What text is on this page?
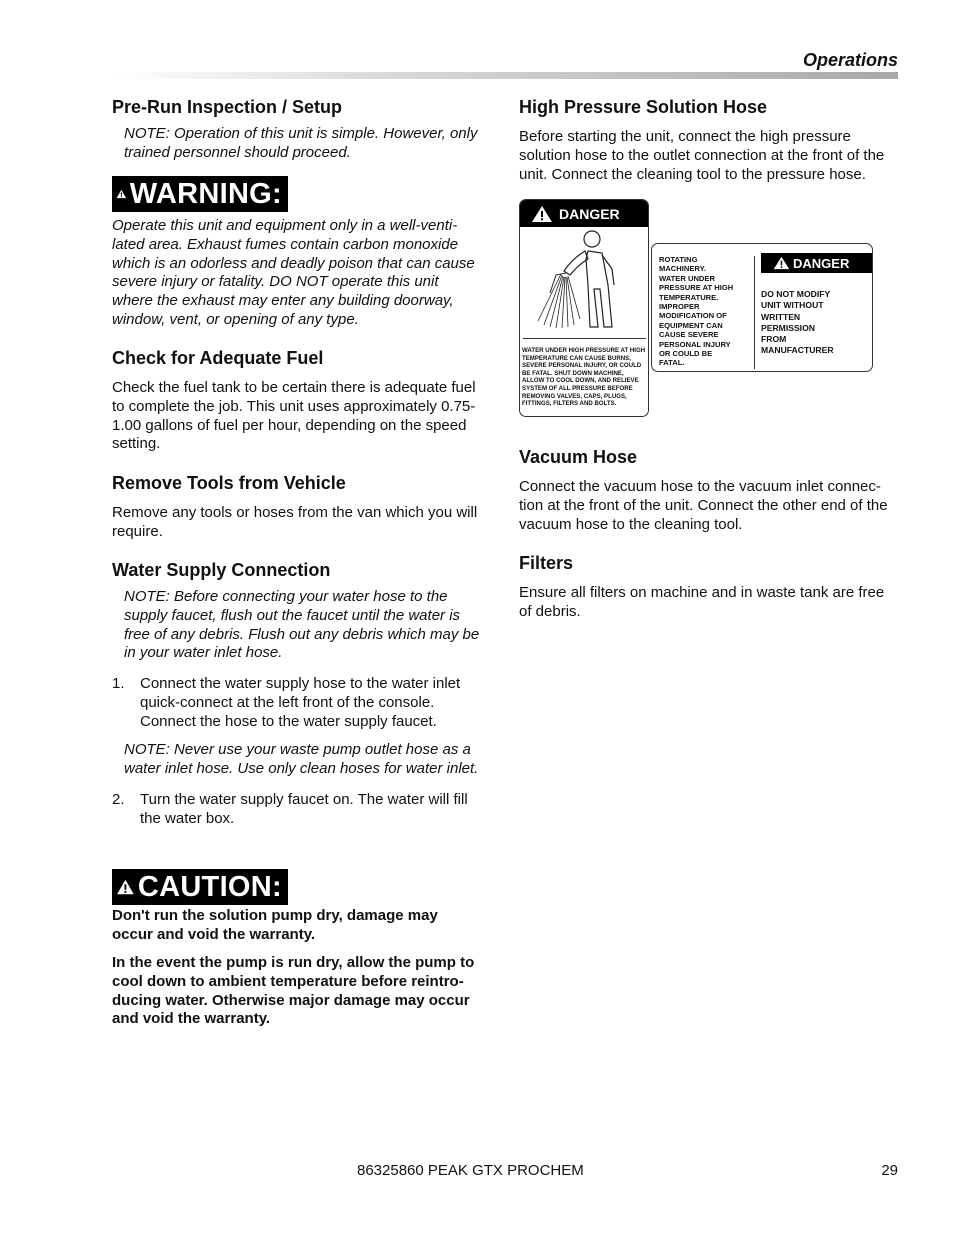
Operations
Pre-Run Inspection / Setup

NOTE: Operation of this unit is simple. However, only trained personnel should proceed.

WARNING:
Operate this unit and equipment only in a well-venti-
lated area. Exhaust fumes contain carbon monoxide
which is an odorless and deadly poison that can cause
severe injury or fatality. DO NOT operate this unit
where the exhaust may enter any building doorway,
window, vent, or opening of any type.
Check for Adequate Fuel
Check the fuel tank to be certain there is adequate fuel
to complete the job. This unit uses approximately 0.75-
1.00 gallons of fuel per hour, depending on the speed
setting.
Remove Tools from Vehicle
Remove any tools or hoses from the van which you will
require.
Water Supply Connection
NOTE: Before connecting your water hose to the
supply faucet, flush out the faucet until the water is
free of any debris. Flush out any debris which may be
in your water inlet hose.
1. Connect the water supply hose to the water inlet
quick-connect at the left front of the console.
Connect the hose to the water supply faucet.
NOTE: Never use your waste pump outlet hose as a
water inlet hose. Use only clean hoses for water inlet.
2. Turn the water supply faucet on. The water will fill
the water box.
CAUTION:
Don't run the solution pump dry, damage may
occur and void the warranty.
In the event the pump is run dry, allow the pump to
cool down to ambient temperature before reintro-
ducing water. Otherwise major damage may occur
and void the warranty.
High Pressure Solution Hose
Before starting the unit, connect the high pressure
solution hose to the outlet connection at the front of the
unit. Connect the cleaning tool to the pressure hose.
DANGER
WATER UNDER HIGH PRESSURE AT HIGH
TEMPERATURE CAN CAUSE BURNS,
SEVERE PERSONAL INJURY, OR COULD
BE FATAL. SHUT DOWN MACHINE,
ALLOW TO COOL DOWN, AND RELIEVE
SYSTEM OF ALL PRESSURE BEFORE
REMOVING VALVES, CAPS, PLUGS,
FITTINGS, FILTERS AND BOLTS.
ROTATING
MACHINERY.
WATER UNDER
PRESSURE AT HIGH
TEMPERATURE.
IMPROPER
MODIFICATION OF
EQUIPMENT CAN
CAUSE SEVERE
PERSONAL INJURY
OR COULD BE
FATAL.
DANGER
DO NOT MODIFY
UNIT WITHOUT
WRITTEN
PERMISSION
FROM
MANUFACTURER
Vacuum Hose
Connect the vacuum hose to the vacuum inlet connec-
tion at the front of the unit. Connect the other end of the
vacuum hose to the cleaning tool.
Filters
Ensure all filters on machine and in waste tank are free
of debris.
86325860 PEAK GTX PROCHEM	29
